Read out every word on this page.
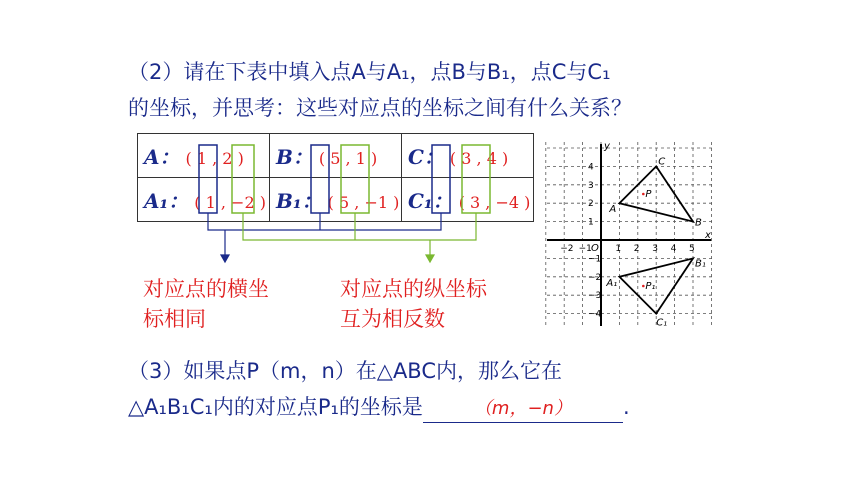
（2）请在下表中填入点A与A₁，点B与B₁，点C与C₁
的坐标，并思考：这些对应点的坐标之间有什么关系？
A： ( 1 , 2 )	B： ( 5 , 1 )	C： ( 3 , 4 )
A₁： ( 1 , −2 )	B₁： ( 5 , −1 )	C₁： ( 3 , −4 )
对应点的横坐
标相同
对应点的纵坐标
互为相反数
x
y
O
−2 −1	1 2 3 4 5
4
3
2
1
−1
−2
−3
−4
A
B
C
A₁
B₁
C₁
P
P₁
（3）如果点P（m，n）在△ABC内，那么它在
△A₁B₁C₁内的对应点P₁的坐标是	（m，−n） .
